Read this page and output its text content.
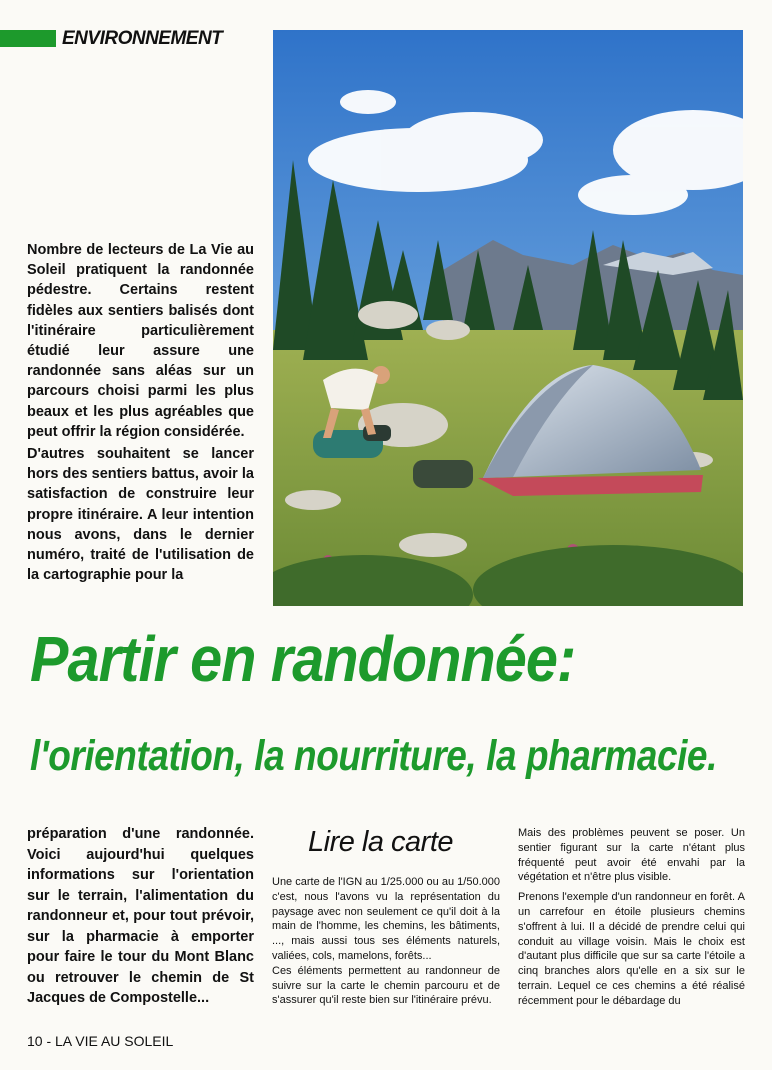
ENVIRONNEMENT

Nombre de lecteurs de La Vie au Soleil pratiquent la randonnée pédestre. Certains restent fidèles aux sentiers balisés dont l'itinéraire particulièrement étudié leur assure une randonnée sans aléas sur un parcours choisi parmi les plus beaux et les plus agréables que peut offrir la région considérée.

D'autres souhaitent se lancer hors des sentiers battus, avoir la satisfaction de construire leur propre itinéraire. A leur intention nous avons, dans le dernier numéro, traité de l'utilisation de la cartographie pour la

Partir en randonnée:
l'orientation, la nourriture, la pharmacie.

préparation d'une randonnée. Voici aujourd'hui quelques informations sur l'orientation sur le terrain, l'alimentation du randonneur et, pour tout prévoir, sur la pharmacie à emporter pour faire le tour du Mont Blanc ou retrouver le chemin de St Jacques de Compostelle...

Lire la carte

Une carte de l'IGN au 1/25.000 ou au 1/50.000 c'est, nous l'avons vu la représentation du paysage avec non seulement ce qu'il doit à la main de l'homme, les chemins, les bâtiments, ..., mais aussi tous ses éléments naturels, valiées, cols, mamelons, forêts...

Ces éléments permettent au randonneur de suivre sur la carte le chemin parcouru et de s'assurer qu'il reste bien sur l'itinéraire prévu.

Mais des problèmes peuvent se poser. Un sentier figurant sur la carte n'étant plus fréquenté peut avoir été envahi par la végétation et n'être plus visible.

Prenons l'exemple d'un randonneur en forêt. A un carrefour en étoile plusieurs chemins s'offrent à lui. Il a décidé de prendre celui qui conduit au village voisin. Mais le choix est d'autant plus difficile que sur sa carte l'étoile a cinq branches alors qu'elle en a six sur le terrain. Lequel ce ces chemins a été réalisé récemment pour le débardage du

10 - LA VIE AU SOLEIL
